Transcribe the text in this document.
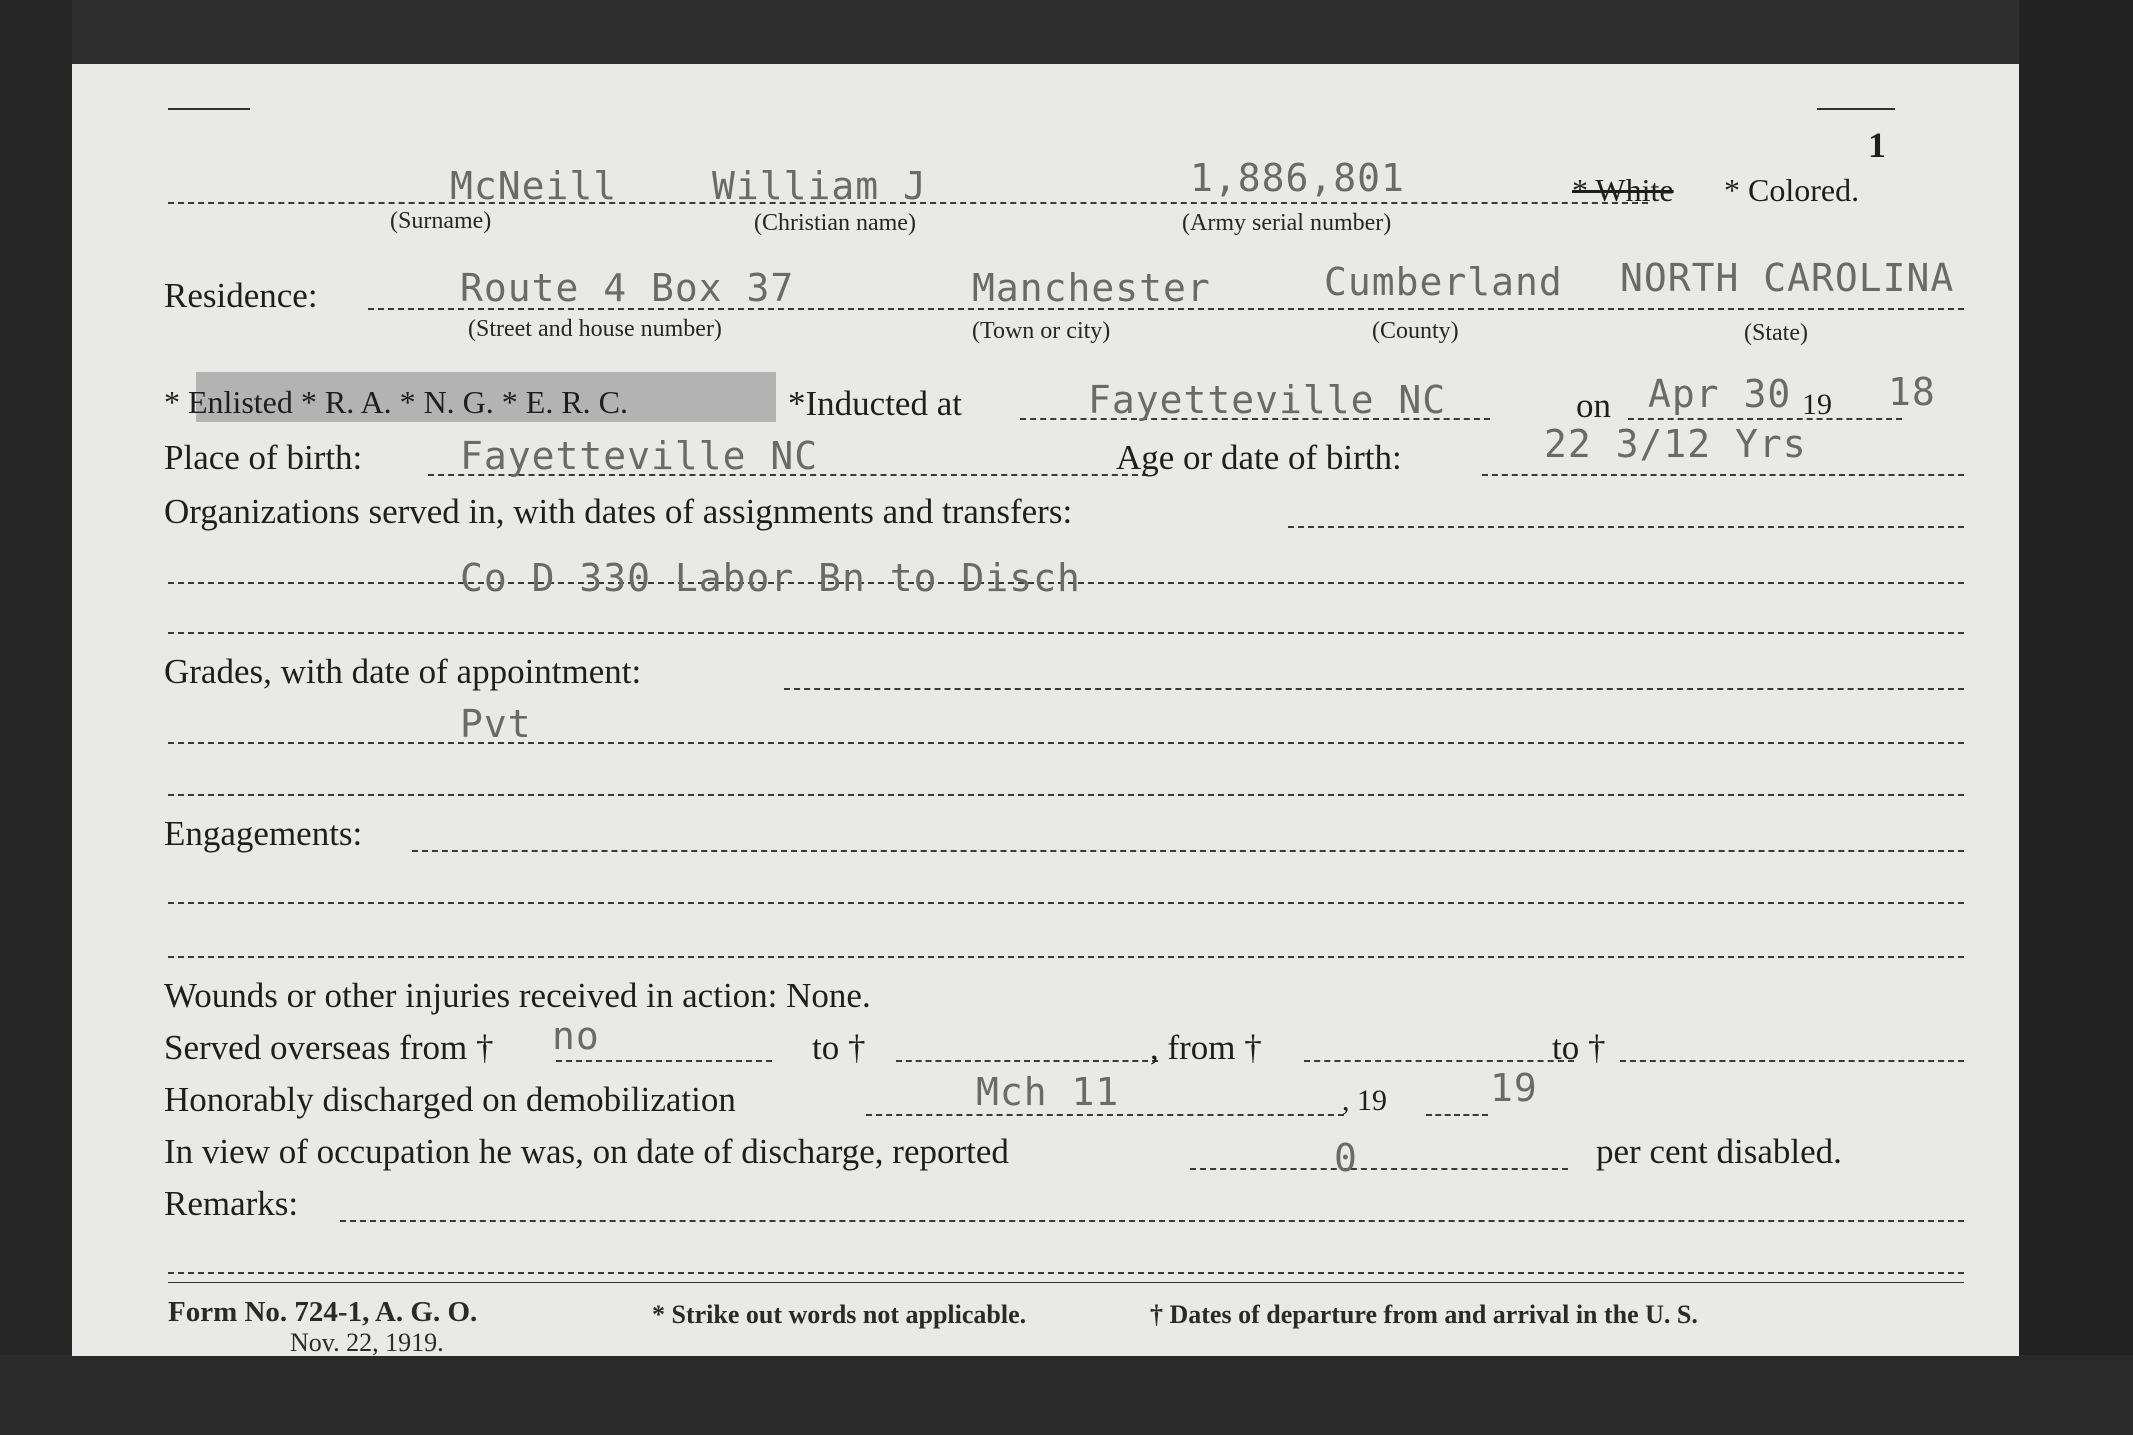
1
McNeill William J	1,886,801	* White * Colored.
(Surname)	(Christian name)	(Army serial number)
Residence:	Route 4 Box 37	Manchester	Cumberland NORTH CAROLINA
(Street and house number)	(Town or city)	(County)	(State)
* Enlisted * R. A. * N. G. * E. R. C.	*Inducted at	Fayetteville NC	on Apr 30 19 18
Place of birth:	Fayetteville NC	Age or date of birth:	22 3/12 Yrs
Organizations served in, with dates of assignments and transfers:
Co D 330 Labor Bn to Disch
Grades, with date of appointment:
Pvt
Engagements:
Wounds or other injuries received in action: None.
Served overseas from † no	to †	, from †	to †
Honorably discharged on demobilization	Mch 11	, 19	19
In view of occupation he was, on date of discharge, reported	0	per cent disabled.
Remarks:
Form No. 724-1, A. G. O.
Nov. 22, 1919.
* Strike out words not applicable.	† Dates of departure from and arrival in the U. S.
